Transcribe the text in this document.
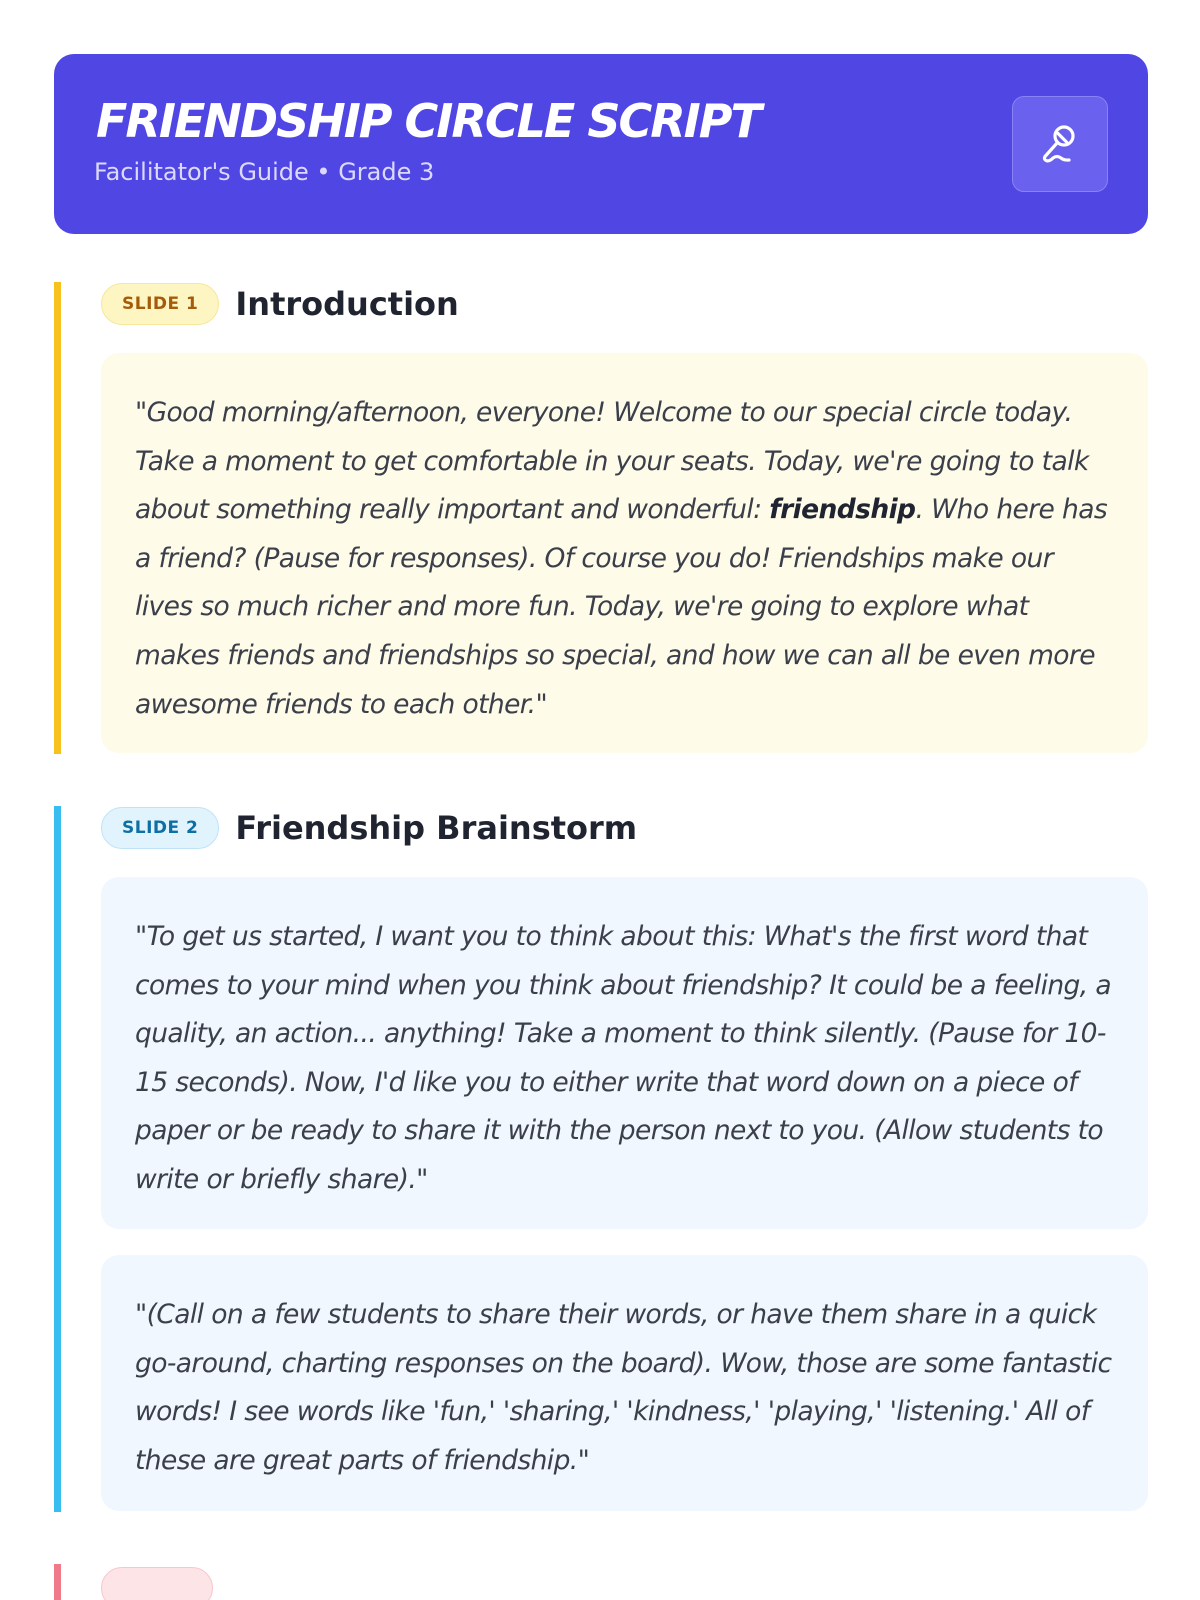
FRIENDSHIP CIRCLE SCRIPT
Facilitator's Guide • Grade 3
SLIDE 1	Introduction

"Good morning/afternoon, everyone! Welcome to our special circle today. Take a moment to get comfortable in your seats. Today, we're going to talk about something really important and wonderful: friendship. Who here has a friend? (Pause for responses). Of course you do! Friendships make our lives so much richer and more fun. Today, we're going to explore what makes friends and friendships so special, and how we can all be even more awesome friends to each other."

SLIDE 2	Friendship Brainstorm

"To get us started, I want you to think about this: What's the first word that comes to your mind when you think about friendship? It could be a feeling, a quality, an action... anything! Take a moment to think silently. (Pause for 10-15 seconds). Now, I'd like you to either write that word down on a piece of paper or be ready to share it with the person next to you. (Allow students to write or briefly share)."

"(Call on a few students to share their words, or have them share in a quick go-around, charting responses on the board). Wow, those are some fantastic words! I see words like 'fun,' 'sharing,' 'kindness,' 'playing,' 'listening.' All of these are great parts of friendship."
